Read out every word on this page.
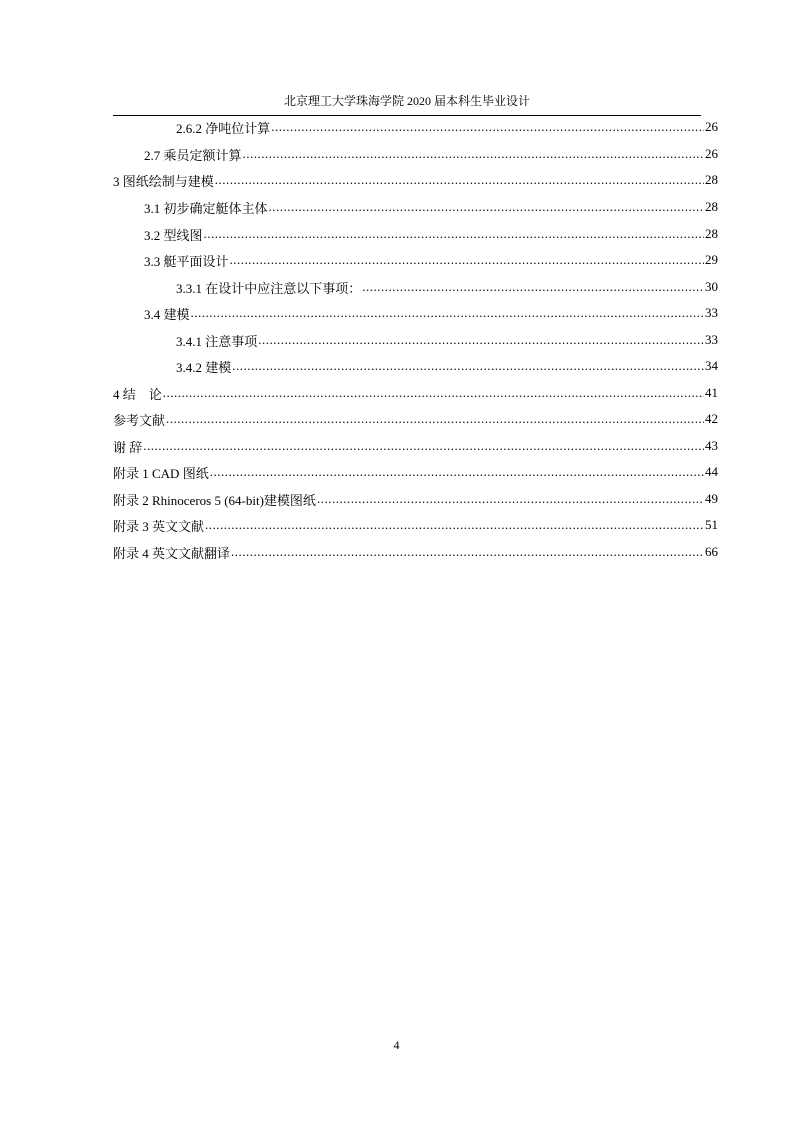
北京理工大学珠海学院 2020 届本科生毕业设计
2.6.2 净吨位计算 .....	26
2.7 乘员定额计算 .....	26
3 图纸绘制与建模 .....	28
3.1 初步确定艇体主体 .....	28
3.2 型线图 .....	28
3.3 艇平面设计 .....	29
3.3.1 在设计中应注意以下事项： .....	30
3.4 建模 .....	33
3.4.1 注意事项 .....	33
3.4.2 建模 .....	34
4 结　论 .....	41
参考文献 .....	42
谢 辞 .....	43
附录 1 CAD 图纸 .....	44
附录 2 Rhinoceros 5 (64-bit)建模图纸 .....	49
附录 3 英文文献 .....	51
附录 4 英文文献翻译 .....	66
4
